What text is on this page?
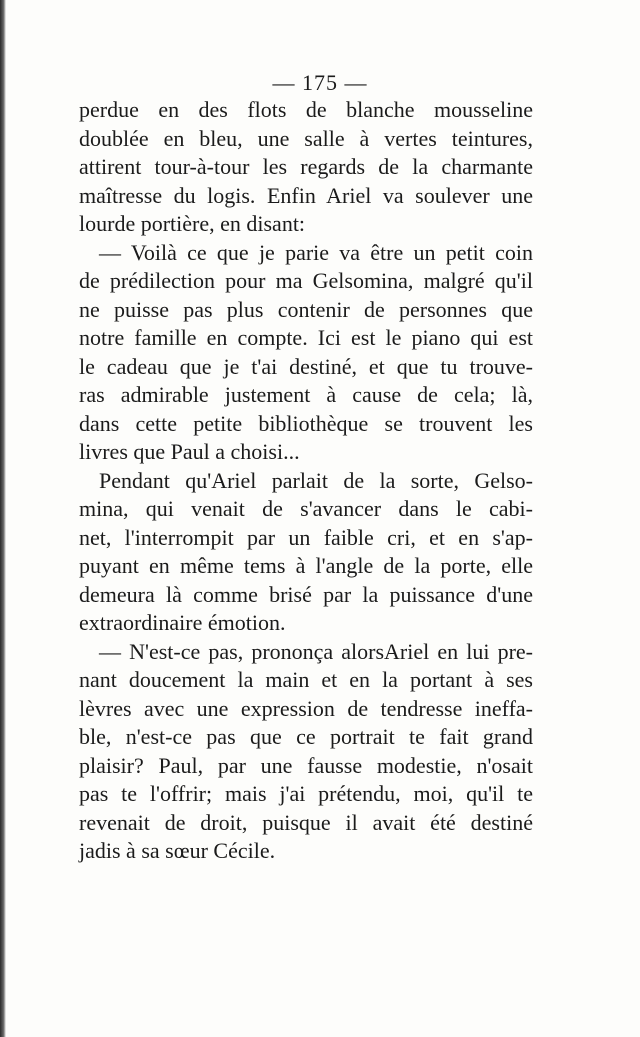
— 175 —
perdue en des flots de blanche mousseline
doublée en bleu, une salle à vertes teintures,
attirent tour-à-tour les regards de la charmante
maîtresse du logis. Enfin Ariel va soulever une
lourde portière, en disant:
— Voilà ce que je parie va être un petit coin
de prédilection pour ma Gelsomina, malgré qu'il
ne puisse pas plus contenir de personnes que
notre famille en compte. Ici est le piano qui est
le cadeau que je t'ai destiné, et que tu trouve-
ras admirable justement à cause de cela; là,
dans cette petite bibliothèque se trouvent les
livres que Paul a choisi...
Pendant qu'Ariel parlait de la sorte, Gelso-
mina, qui venait de s'avancer dans le cabi-
net, l'interrompit par un faible cri, et en s'ap-
puyant en même tems à l'angle de la porte, elle
demeura là comme brisé par la puissance d'une
extraordinaire émotion.
— N'est-ce pas, prononça alorsAriel en lui pre-
nant doucement la main et en la portant à ses
lèvres avec une expression de tendresse ineffa-
ble, n'est-ce pas que ce portrait te fait grand
plaisir? Paul, par une fausse modestie, n'osait
pas te l'offrir; mais j'ai prétendu, moi, qu'il te
revenait de droit, puisque il avait été destiné
jadis à sa sœur Cécile.
